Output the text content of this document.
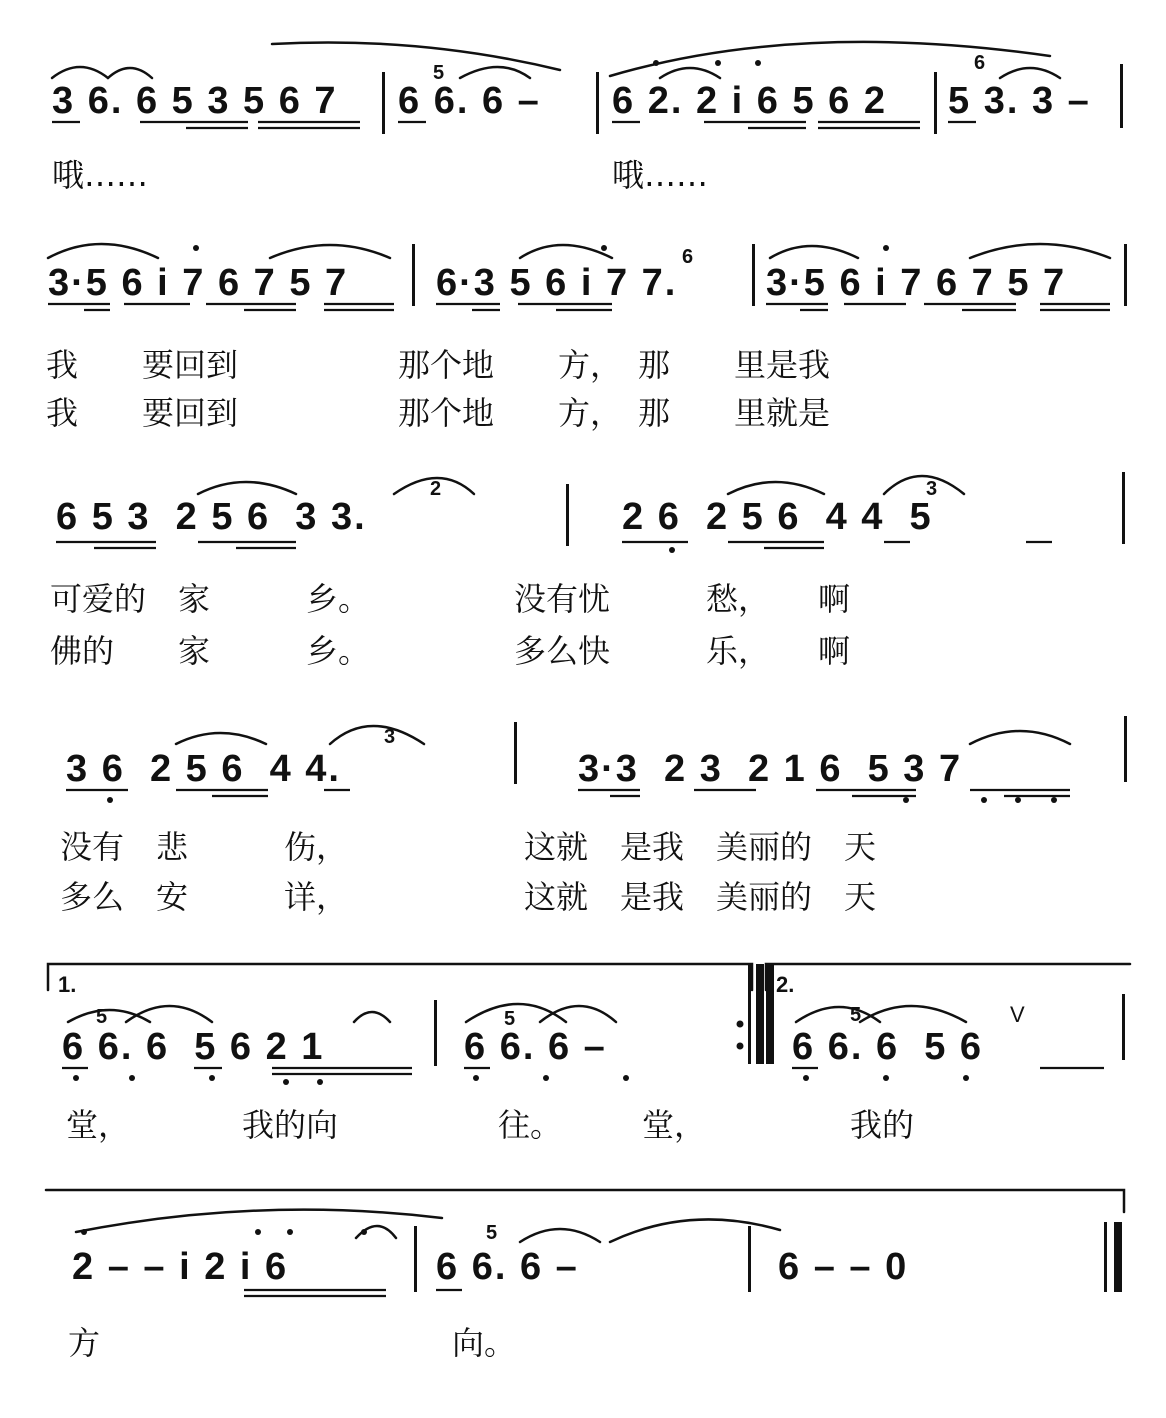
3 6. 6 5 3 5 6 7

6 6. 6 –

6 2. 2 i 6 5 6 2

5 3. 3 –

5	6
哦……	哦……

3·5 6 i 7 6 7 5 7

6·3 5 6 i 7 7.

3·5 6 i 7 6 7 5 7

6
我　　要回到　　　　　那个地　　方，　那　　里是我
我　　要回到　　　　　那个地　　方，　那　　里就是

6 5 3  2 5 6  3 3.

	2 6  2 5 6  4 4  5

2	3
可爱的　家　　　乡。　　　　　没有忧　　　愁，　　啊
佛的　　家　　　乡。　　　　　多么快　　　乐，　　啊

3 6  2 5 6  4 4.

	3·3  2 3  2 1 6  5 3 7

3
没有　悲　　　伤，　　　　　　这就　是我　美丽的　天
多么　安　　　详，　　　　　　这就　是我　美丽的　天
1.	2.

6 6. 6  5 6 2 1

	6 6. 6 –

	6 6. 6  5 6

5	5	5	V
堂，　　　　我的向　　　　　往。　　　堂，　　　　　我的

2 – – i 2 i 6

	6 6. 6 –

	6 – – 0

5
方　　　　　　　　　　　向。
